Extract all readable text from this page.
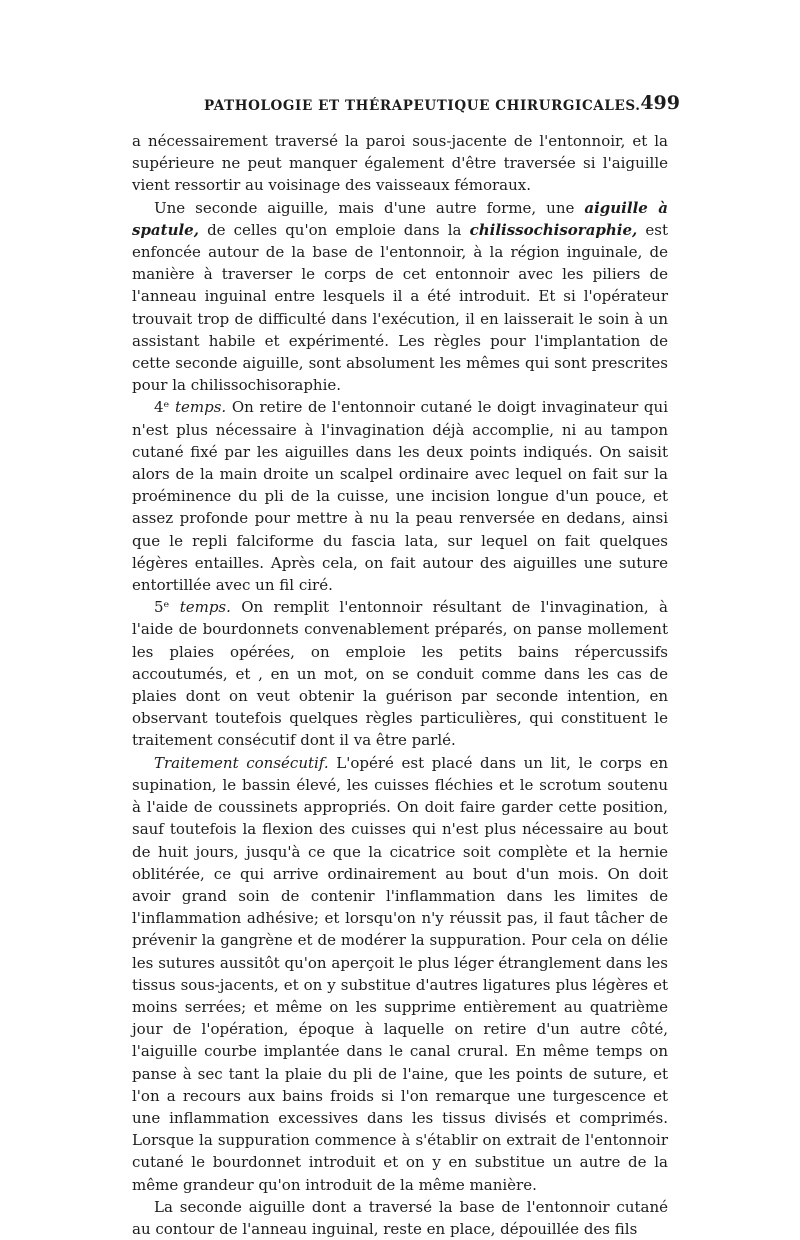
PATHOLOGIE ET THÉRAPEUTIQUE CHIRURGICALES. 499

a nécessairement traversé la paroi sous-jacente de l'entonnoir, et la supérieure ne peut manquer également d'être traversée si l'aiguille vient ressortir au voisinage des vaisseaux fémoraux.

Une seconde aiguille, mais d'une autre forme, une aiguille à spatule, de celles qu'on emploie dans la chilissochisoraphie, est enfoncée autour de la base de l'entonnoir, à la région inguinale, de manière à traverser le corps de cet entonnoir avec les piliers de l'anneau inguinal entre lesquels il a été introduit. Et si l'opérateur trouvait trop de difficulté dans l'exécution, il en laisserait le soin à un assistant habile et expérimenté. Les règles pour l'implantation de cette seconde aiguille, sont absolument les mêmes qui sont prescrites pour la chilissochisoraphie.

4ᵉ temps. On retire de l'entonnoir cutané le doigt invaginateur qui n'est plus nécessaire à l'invagination déjà accomplie, ni au tampon cutané fixé par les aiguilles dans les deux points indiqués. On saisit alors de la main droite un scalpel ordinaire avec lequel on fait sur la proéminence du pli de la cuisse, une incision longue d'un pouce, et assez profonde pour mettre à nu la peau renversée en dedans, ainsi que le repli falciforme du fascia lata, sur lequel on fait quelques légères entailles. Après cela, on fait autour des aiguilles une suture entortillée avec un fil ciré.

5ᵉ temps. On remplit l'entonnoir résultant de l'invagination, à l'aide de bourdonnets convenablement préparés, on panse mollement les plaies opérées, on emploie les petits bains répercussifs accoutumés, et , en un mot, on se conduit comme dans les cas de plaies dont on veut obtenir la guérison par seconde intention, en observant toutefois quelques règles particulières, qui constituent le traitement consécutif dont il va être parlé.

Traitement consécutif. L'opéré est placé dans un lit, le corps en supination, le bassin élevé, les cuisses fléchies et le scrotum soutenu à l'aide de coussinets appropriés. On doit faire garder cette position, sauf toutefois la flexion des cuisses qui n'est plus nécessaire au bout de huit jours, jusqu'à ce que la cicatrice soit complète et la hernie oblitérée, ce qui arrive ordinairement au bout d'un mois. On doit avoir grand soin de contenir l'inflammation dans les limites de l'inflammation adhésive; et lorsqu'on n'y réussit pas, il faut tâcher de prévenir la gangrène et de modérer la suppuration. Pour cela on délie les sutures aussitôt qu'on aperçoit le plus léger étranglement dans les tissus sous-jacents, et on y substitue d'autres ligatures plus légères et moins serrées; et même on les supprime entièrement au quatrième jour de l'opération, époque à laquelle on retire d'un autre côté, l'aiguille courbe implantée dans le canal crural. En même temps on panse à sec tant la plaie du pli de l'aine, que les points de suture, et l'on a recours aux bains froids si l'on remarque une turgescence et une inflammation excessives dans les tissus divisés et comprimés. Lorsque la suppuration commence à s'établir on extrait de l'entonnoir cutané le bourdonnet introduit et on y en substitue un autre de la même grandeur qu'on introduit de la même manière.

La seconde aiguille dont a traversé la base de l'entonnoir cutané au contour de l'anneau inguinal, reste en place, dépouillée des fils
